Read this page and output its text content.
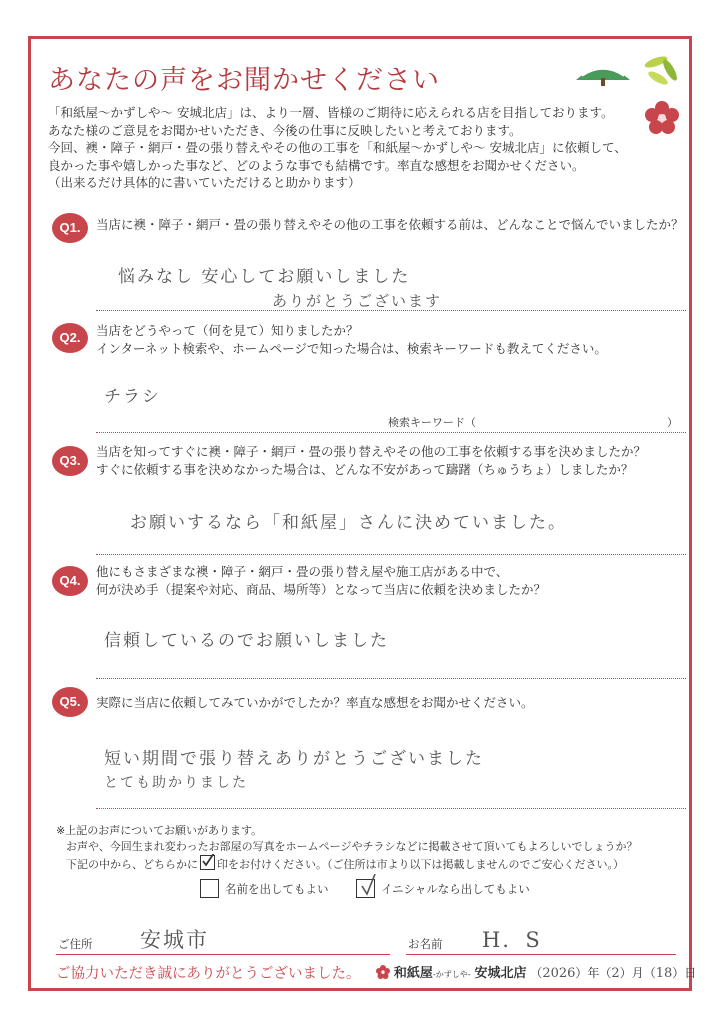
あなたの声をお聞かせください
「和紙屋〜かずしや〜 安城北店」は、より一層、皆様のご期待に応えられる店を目指しております。
あなた様のご意見をお聞かせいただき、今後の仕事に反映したいと考えております。
今回、襖・障子・網戸・畳の張り替えやその他の工事を「和紙屋〜かずしや〜 安城北店」に依頼して、
良かった事や嬉しかった事など、どのような事でも結構です。率直な感想をお聞かせください。
（出来るだけ具体的に書いていただけると助かります）
Q1.	当店に襖・障子・網戸・畳の張り替えやその他の工事を依頼する前は、どんなことで悩んでいましたか？
悩みなし 安心してお願いしました
ありがとうございます
Q2.	当店をどうやって（何を見て）知りましたか？
インターネット検索や、ホームページで知った場合は、検索キーワードも教えてください。
チラシ
検索キーワード（	）
Q3.
当店を知ってすぐに襖・障子・網戸・畳の張り替えやその他の工事を依頼する事を決めましたか？
すぐに依頼する事を決めなかった場合は、どんな不安があって躊躇（ちゅうちょ）しましたか？
お願いするなら「和紙屋」さんに決めていました。
Q4.
他にもさまざまな襖・障子・網戸・畳の張り替え屋や施工店がある中で、
何が決め手（提案や対応、商品、場所等）となって当店に依頼を決めましたか？
信頼しているのでお願いしました
Q5.	実際に当店に依頼してみていかがでしたか？率直な感想をお聞かせください。
短い期間で張り替えありがとうございました
とても助かりました
※上記のお声についてお願いがあります。
お声や、今回生まれ変わったお部屋の写真をホームページやチラシなどに掲載させて頂いてもよろしいでしょうか？
下記の中から、どちらかに 印をお付けください。（ご住所は市より以下は掲載しませんのでご安心ください。）
名前を出してもよい	イニシャルなら出してもよい
ご住所 安城市	お名前 H．S
ご協力いただき誠にありがとうございました。	和紙屋-かずしや- 安城北店 （2026）年（2）月（18）日
